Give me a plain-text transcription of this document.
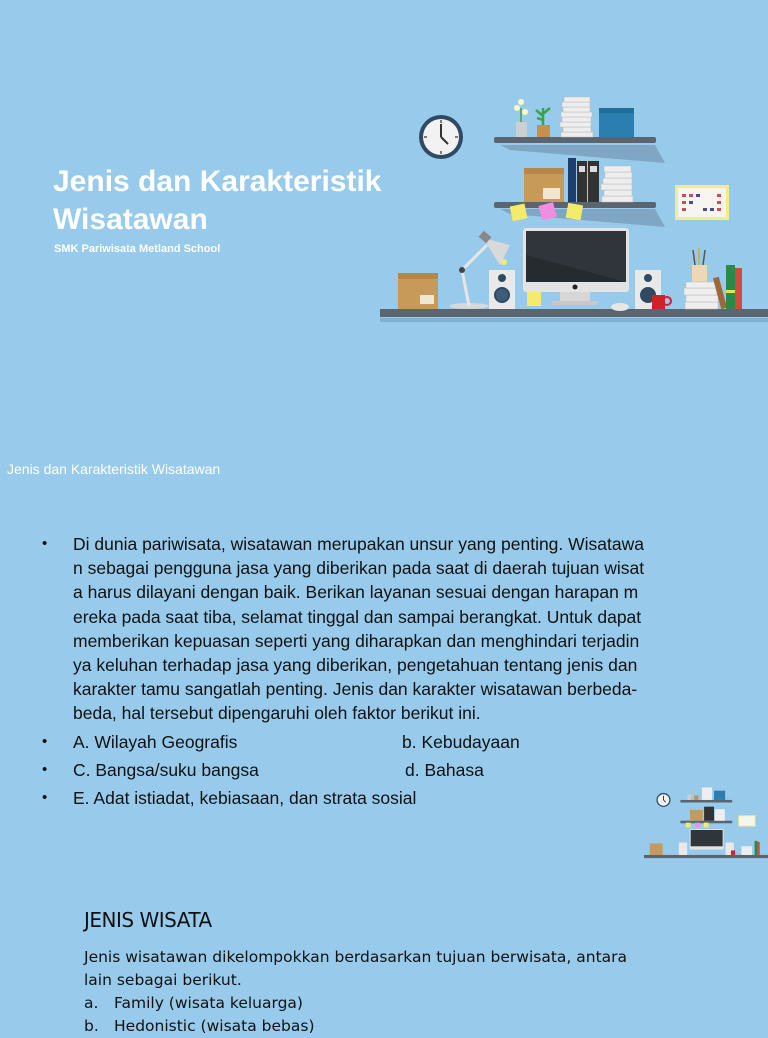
Jenis dan Karakteristik
Wisatawan
SMK Pariwisata Metland School
Jenis dan Karakteristik Wisatawan
• Di dunia pariwisata, wisatawan merupakan unsur yang penting. Wisatawa
n sebagai pengguna jasa yang diberikan pada saat di daerah tujuan wisat
a harus dilayani dengan baik. Berikan layanan sesuai dengan harapan m
ereka pada saat tiba, selamat tinggal dan sampai berangkat. Untuk dapat
memberikan kepuasan seperti yang diharapkan dan menghindari terjadin
ya keluhan terhadap jasa yang diberikan, pengetahuan tentang jenis dan
karakter tamu sangatlah penting. Jenis dan karakter wisatawan berbeda-
beda, hal tersebut dipengaruhi oleh faktor berikut ini.
• A. Wilayah Geografis	b. Kebudayaan
• C. Bangsa/suku bangsa	d. Bahasa
• E. Adat istiadat, kebiasaan, dan strata sosial
JENIS WISATA
Jenis wisatawan dikelompokkan berdasarkan tujuan berwisata, antara
lain sebagai berikut.
a. Family (wisata keluarga)
b. Hedonistic (wisata bebas)
